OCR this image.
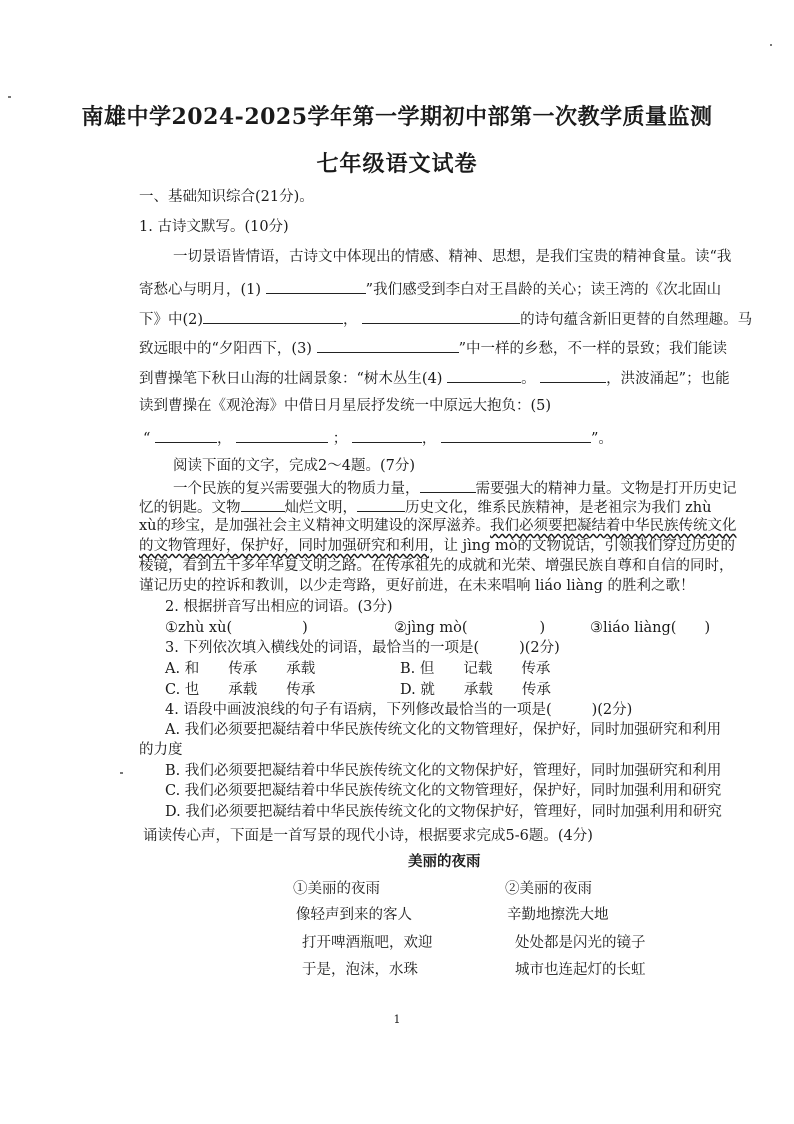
南雄中学2024-2025学年第一学期初中部第一次教学质量监测
七年级语文试卷
一、基础知识综合(21分)。
1. 古诗文默写。(10分)
一切景语皆情语，古诗文中体现出的情感、精神、思想，是我们宝贵的精神食量。读“我
寄愁心与明月，(1)	”我们感受到李白对王昌龄的关心；读王湾的《次北固山
下》中(2)	，	的诗句蕴含新旧更替的自然理趣。马
致远眼中的“夕阳西下，(3)	”中一样的乡愁，不一样的景致；我们能读
到曹操笔下秋日山海的壮阔景象：“树木丛生(4)	。	，洪波涌起”；也能
读到曹操在《观沧海》中借日月星辰抒发统一中原远大抱负：(5)
“	，	；	，	”。
阅读下面的文字，完成2～4题。(7分)
一个民族的复兴需要强大的物质力量，	需要强大的精神力量。文物是打开历史记
忆的钥匙。文物	灿烂文明，	历史文化，维系民族精神，是老祖宗为我们 zhù
xù的珍宝，是加强社会主义精神文明建设的深厚滋养。我们必须要把凝结着中华民族传统文化
的文物管理好，保护好，同时加强研究和利用，让 jìng mò的文物说话，引领我们穿过历史的
棱镜，看到五千多年华夏文明之路。在传承祖先的成就和光荣、增强民族自尊和自信的同时，
谨记历史的控诉和教训，以少走弯路，更好前进，在未来唱响 liáo liàng 的胜利之歌！
2. 根据拼音写出相应的词语。(3分)
①zhù xù(	)	②jìng mò(	)	③liáo liàng( )
3. 下列依次填入横线处的词语，最恰当的一项是(	)(2分)
A. 和　　传承　　承载	B. 但　　记载　　传承
C. 也　　承载　　传承	D. 就　　承载　　传承
4. 语段中画波浪线的句子有语病，下列修改最恰当的一项是(	)(2分)
A. 我们必须要把凝结着中华民族传统文化的文物管理好，保护好，同时加强研究和利用
的力度
B. 我们必须要把凝结着中华民族传统文化的文物保护好，管理好，同时加强研究和利用
C. 我们必须要把凝结着中华民族传统文化的文物管理好，保护好，同时加强利用和研究
D. 我们必须要把凝结着中华民族传统文化的文物保护好，管理好，同时加强利用和研究
诵读传心声，下面是一首写景的现代小诗，根据要求完成5-6题。(4分)
美丽的夜雨
①美丽的夜雨
像轻声到来的客人
打开啤酒瓶吧，欢迎
于是，泡沫，水珠
②美丽的夜雨
辛勤地擦洗大地
处处都是闪光的镜子
城市也连起灯的长虹
1
